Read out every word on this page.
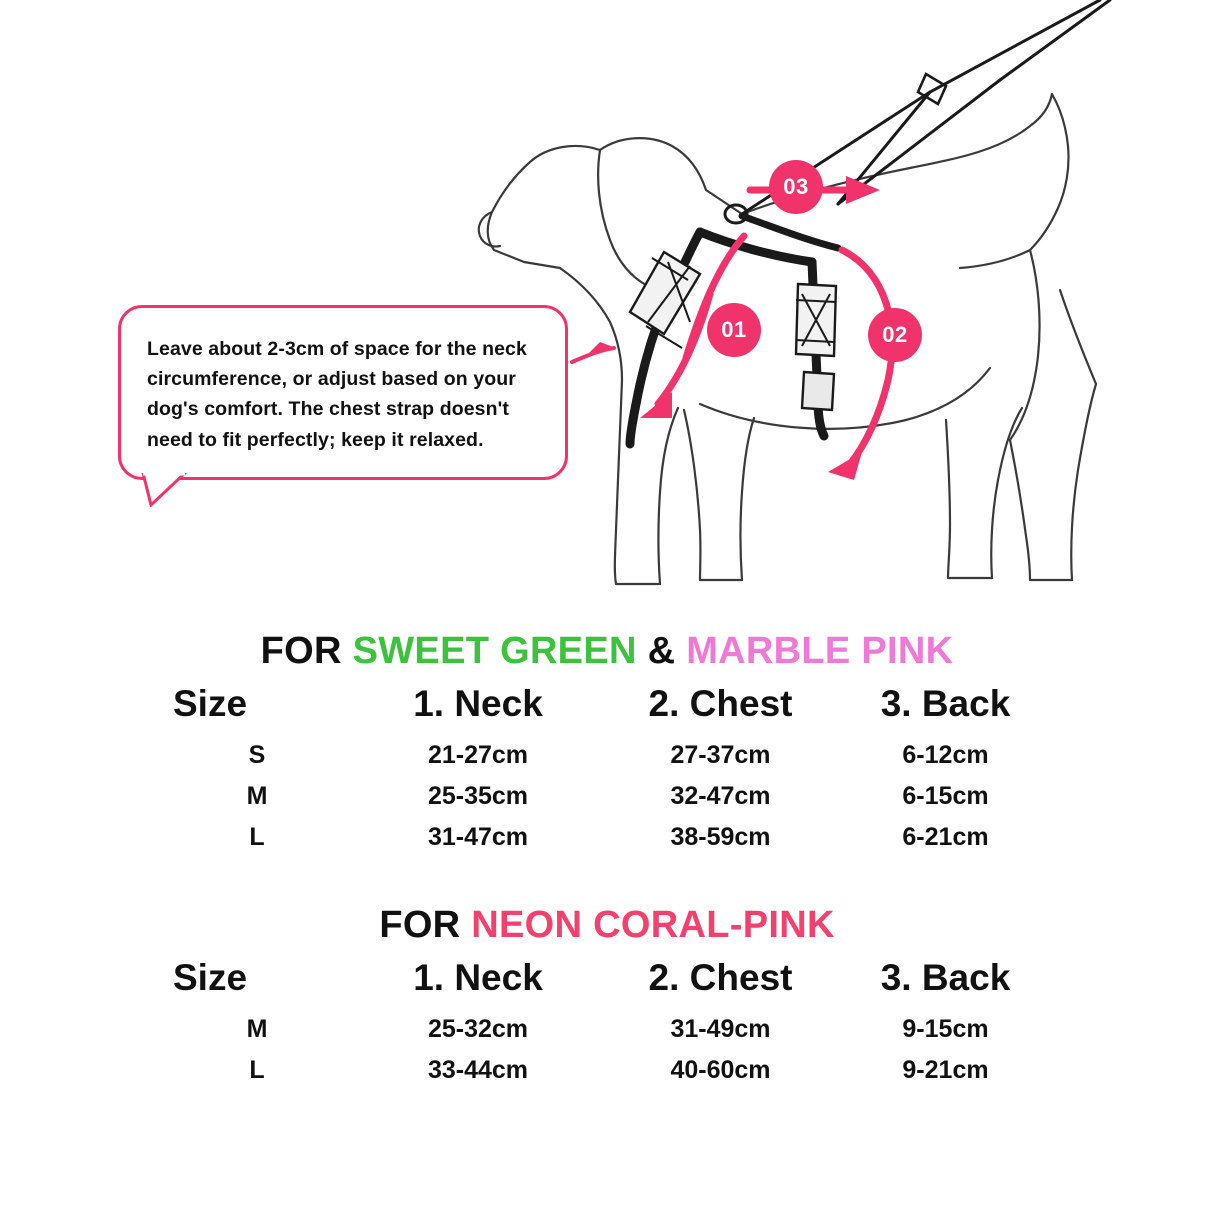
01	02
03
Leave about 2-3cm of space for the neck circumference, or adjust based on your dog's comfort. The chest strap doesn't need to fit perfectly; keep it relaxed.
FOR SWEET GREEN & MARBLE PINK
Size	1. Neck	2. Chest	3. Back
S	21-27cm	27-37cm	6-12cm
M	25-35cm	32-47cm	6-15cm
L	31-47cm	38-59cm	6-21cm
FOR NEON CORAL-PINK
Size	1. Neck	2. Chest	3. Back
M	25-32cm	31-49cm	9-15cm
L	33-44cm	40-60cm	9-21cm
